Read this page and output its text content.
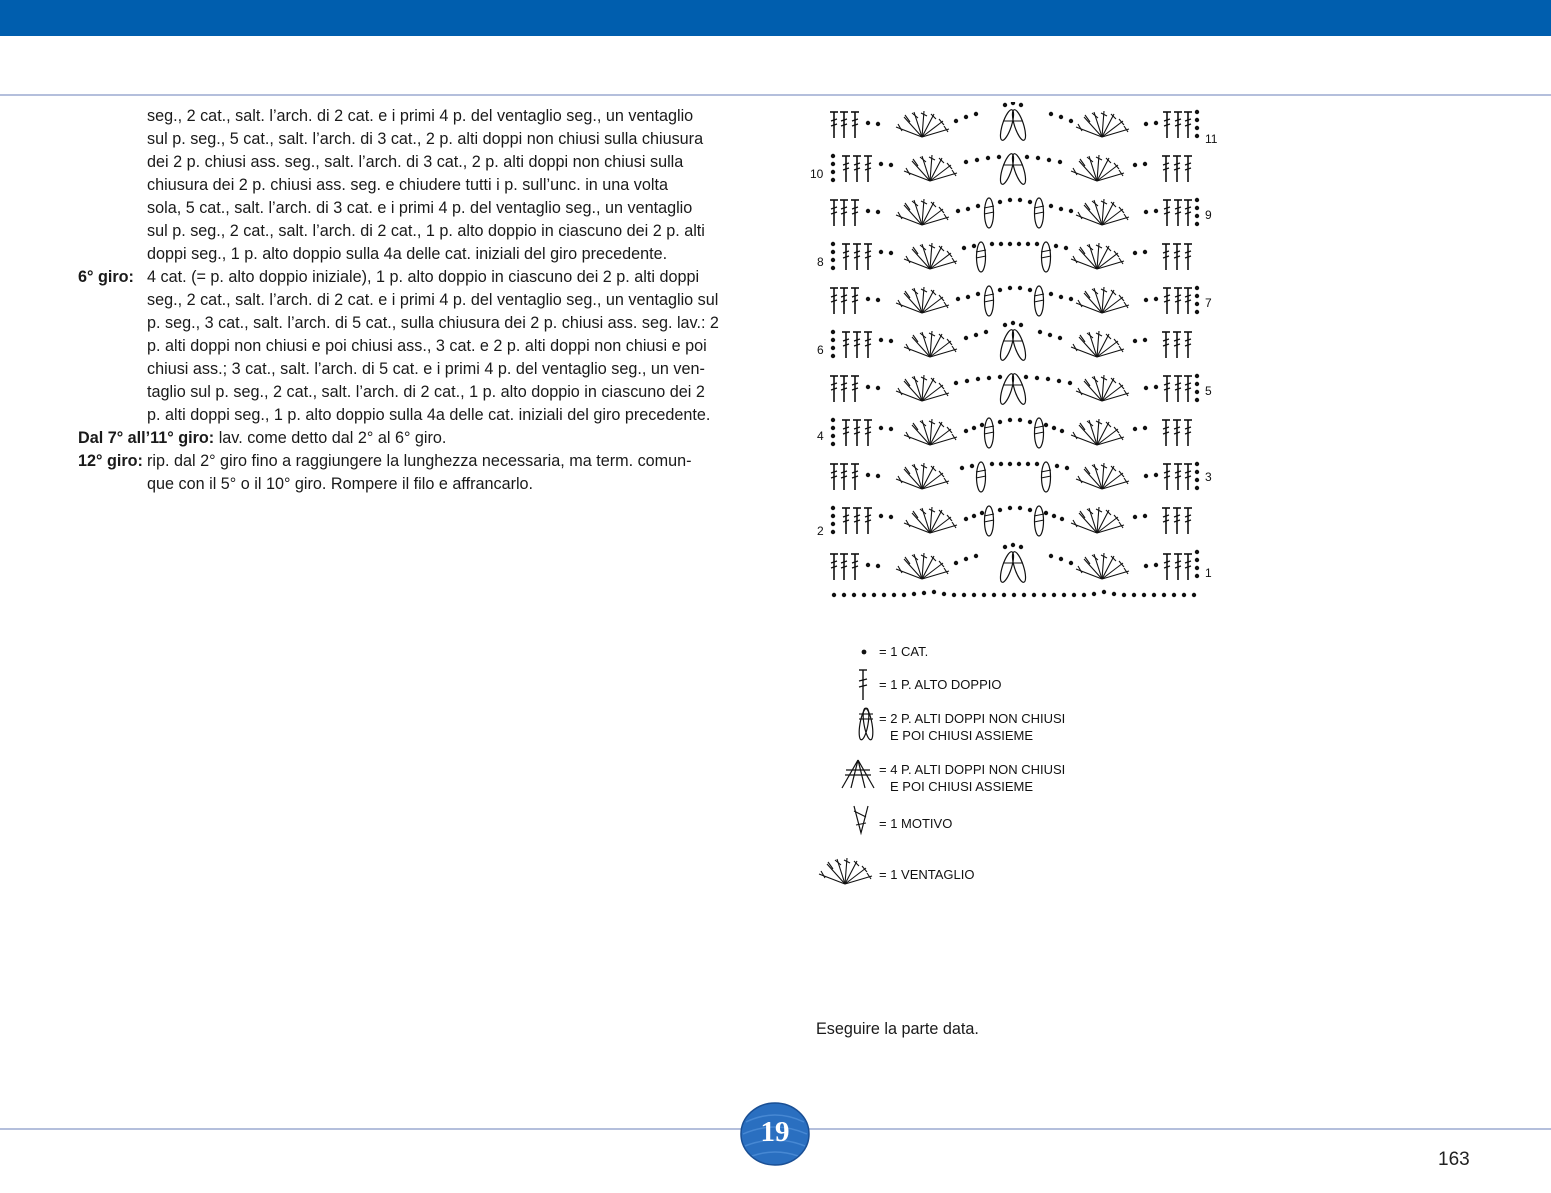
seg., 2 cat., salt. l’arch. di 2 cat. e i primi 4 p. del ventaglio seg., un ventaglio
sul p. seg., 5 cat., salt. l’arch. di 3 cat., 2 p. alti doppi non chiusi sulla chiusura
dei 2 p. chiusi ass. seg., salt. l’arch. di 3 cat., 2 p. alti doppi non chiusi sulla
chiusura dei 2 p. chiusi ass. seg. e chiudere tutti i p. sull’unc. in una volta
sola, 5 cat., salt. l’arch. di 3 cat. e i primi 4 p. del ventaglio seg., un ventaglio
sul p. seg., 2 cat., salt. l’arch. di 2 cat., 1 p. alto doppio in ciascuno dei 2 p. alti
doppi seg., 1 p. alto doppio sulla 4a delle cat. iniziali del giro precedente.
6° giro: 4 cat. (= p. alto doppio iniziale), 1 p. alto doppio in ciascuno dei 2 p. alti doppi
seg., 2 cat., salt. l’arch. di 2 cat. e i primi 4 p. del ventaglio seg., un ventaglio sul
p. seg., 3 cat., salt. l’arch. di 5 cat., sulla chiusura dei 2 p. chiusi ass. seg. lav.: 2
p. alti doppi non chiusi e poi chiusi ass., 3 cat. e 2 p. alti doppi non chiusi e poi
chiusi ass.; 3 cat., salt. l’arch. di 5 cat. e i primi 4 p. del ventaglio seg., un ven-
taglio sul p. seg., 2 cat., salt. l’arch. di 2 cat., 1 p. alto doppio in ciascuno dei 2
p. alti doppi seg., 1 p. alto doppio sulla 4a delle cat. iniziali del giro precedente.
Dal 7° all’11° giro: lav. come detto dal 2° al 6° giro.
12° giro: rip. dal 2° giro fino a raggiungere la lunghezza necessaria, ma term. comun-
que con il 5° o il 10° giro. Rompere il filo e affrancarlo.
10
8
6
4
2
11
9
7
5
3
1
= 1 CAT.
= 1 P. ALTO DOPPIO
= 2 P. ALTI DOPPI NON CHIUSI
E POI CHIUSI ASSIEME
= 4 P. ALTI DOPPI NON CHIUSI
E POI CHIUSI ASSIEME
= 1 MOTIVO
= 1 VENTAGLIO
Eseguire la parte data.
19
163
